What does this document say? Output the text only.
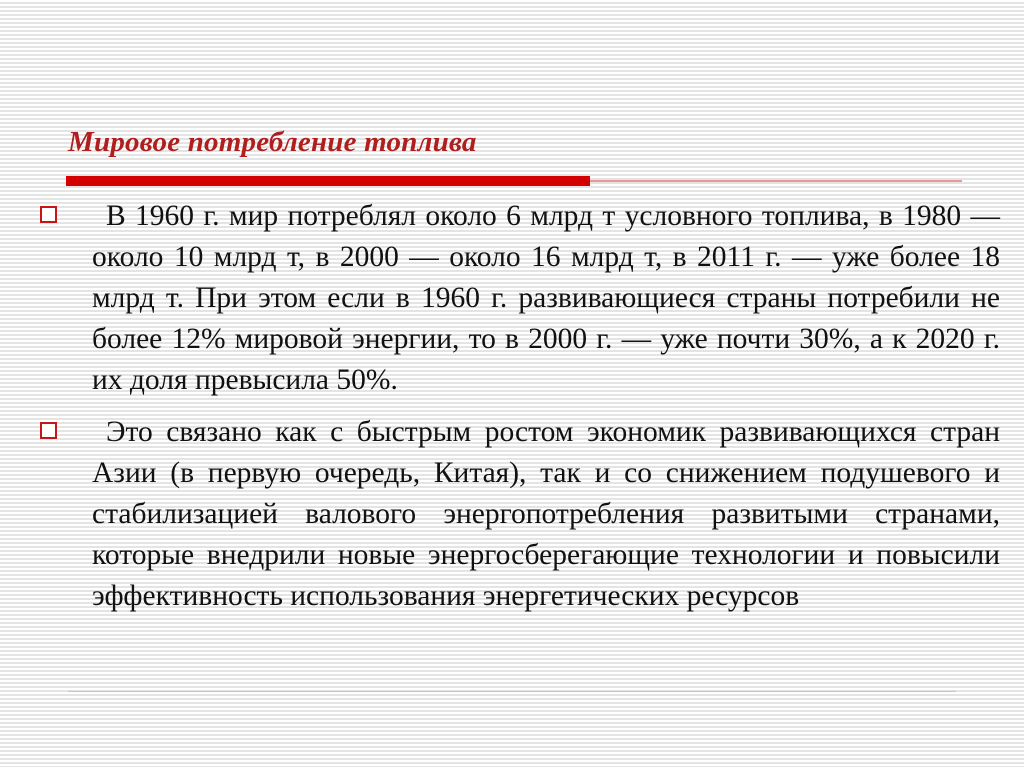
Мировое потребление топлива
В 1960 г. мир потреблял около 6 млрд т условного топлива, в 1980 — около 10 млрд т, в 2000 — около 16 млрд т, в 2011 г. — уже более 18 млрд т. При этом если в 1960 г. развивающиеся страны потребили не более 12% мировой энергии, то в 2000 г. — уже почти 30%, а к 2020 г. их доля превысила 50%.
Это связано как с быстрым ростом экономик развивающихся стран Азии (в первую очередь, Китая), так и со снижением подушевого и стабилизацией валового энергопотребления развитыми странами, которые внедрили новые энергосберегающие технологии и повысили эффективность использования энергетических ресурсов
